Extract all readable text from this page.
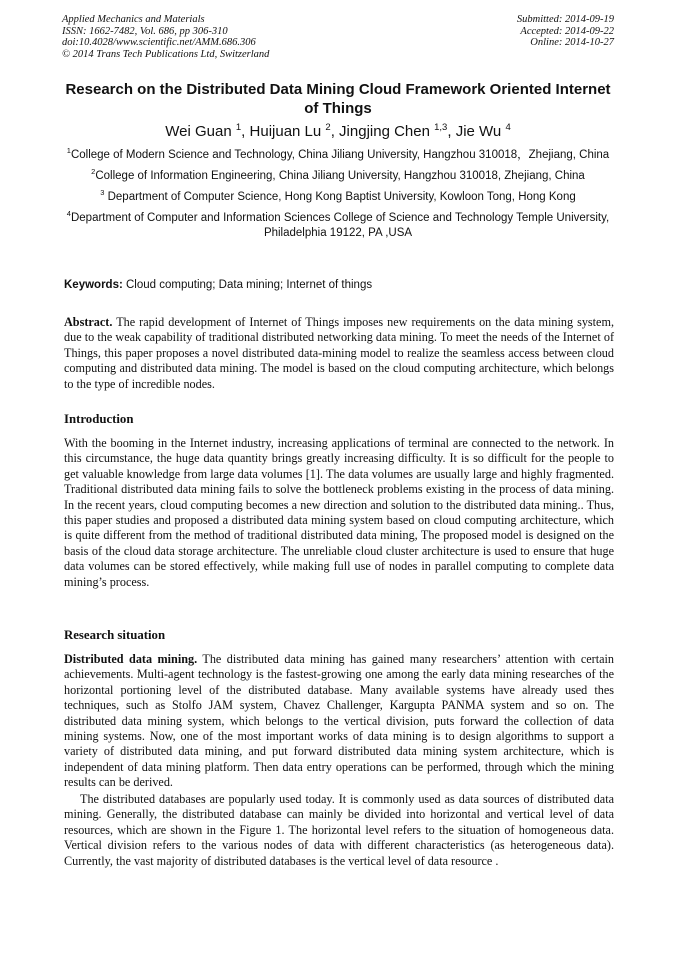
Applied Mechanics and Materials
ISSN: 1662-7482, Vol. 686, pp 306-310
doi:10.4028/www.scientific.net/AMM.686.306
© 2014 Trans Tech Publications Ltd, Switzerland
Submitted: 2014-09-19
Accepted: 2014-09-22
Online: 2014-10-27
Research on the Distributed Data Mining Cloud Framework Oriented Internet of Things
Wei Guan $^1$, Huijuan Lu $^2$, Jingjing Chen $^{1,3}$, Jie Wu $^4$
$^1$College of Modern Science and Technology, China Jiliang University, Hangzhou 310018，Zhejiang, China
$^2$College of Information Engineering, China Jiliang University, Hangzhou 310018, Zhejiang, China
$^3$ Department of Computer Science, Hong Kong Baptist University, Kowloon Tong, Hong Kong
$^4$Department of Computer and Information Sciences College of Science and Technology Temple University, Philadelphia 19122, PA ,USA
Keywords: Cloud computing; Data mining; Internet of things
Abstract. The rapid development of Internet of Things imposes new requirements on the data mining system, due to the weak capability of traditional distributed networking data mining. To meet the needs of the Internet of Things, this paper proposes a novel distributed data-mining model to realize the seamless access between cloud computing and distributed data mining. The model is based on the cloud computing architecture, which belongs to the type of incredible nodes.
Introduction
With the booming in the Internet industry, increasing applications of terminal are connected to the network. In this circumstance, the huge data quantity brings greatly increasing difficulty. It is so difficult for the people to get valuable knowledge from large data volumes [1]. The data volumes are usually large and highly fragmented. Traditional distributed data mining fails to solve the bottleneck problems existing in the process of data mining. In the recent years, cloud computing becomes a new direction and solution to the distributed data mining.. Thus, this paper studies and proposed a distributed data mining system based on cloud computing architecture, which is quite different from the method of traditional distributed data mining, The proposed model is designed on the basis of the cloud data storage architecture. The unreliable cloud cluster architecture is used to ensure that huge data volumes can be stored effectively, while making full use of nodes in parallel computing to complete data mining’s process.
Research situation
Distributed data mining. The distributed data mining has gained many researchers’ attention with certain achievements. Multi-agent technology is the fastest-growing one among the early data mining researches of the horizontal portioning level of the distributed database. Many available systems have already used thes techniques, such as Stolfo JAM system, Chavez Challenger, Kargupta PANMA system and so on. The distributed data mining system, which belongs to the vertical division, puts forward the collection of data mining systems. Now, one of the most important works of data mining is to design algorithms to support a variety of distributed data mining, and put forward distributed data mining system architecture, which is independent of data mining platform. Then data entry operations can be performed, through which the mining results can be derived.
The distributed databases are popularly used today. It is commonly used as data sources of distributed data mining. Generally, the distributed database can mainly be divided into horizontal and vertical level of data resources, which are shown in the Figure 1. The horizontal level refers to the situation of homogeneous data. Vertical division refers to the various nodes of data with different characteristics (as heterogeneous data). Currently, the vast majority of distributed databases is the vertical level of data resource .
